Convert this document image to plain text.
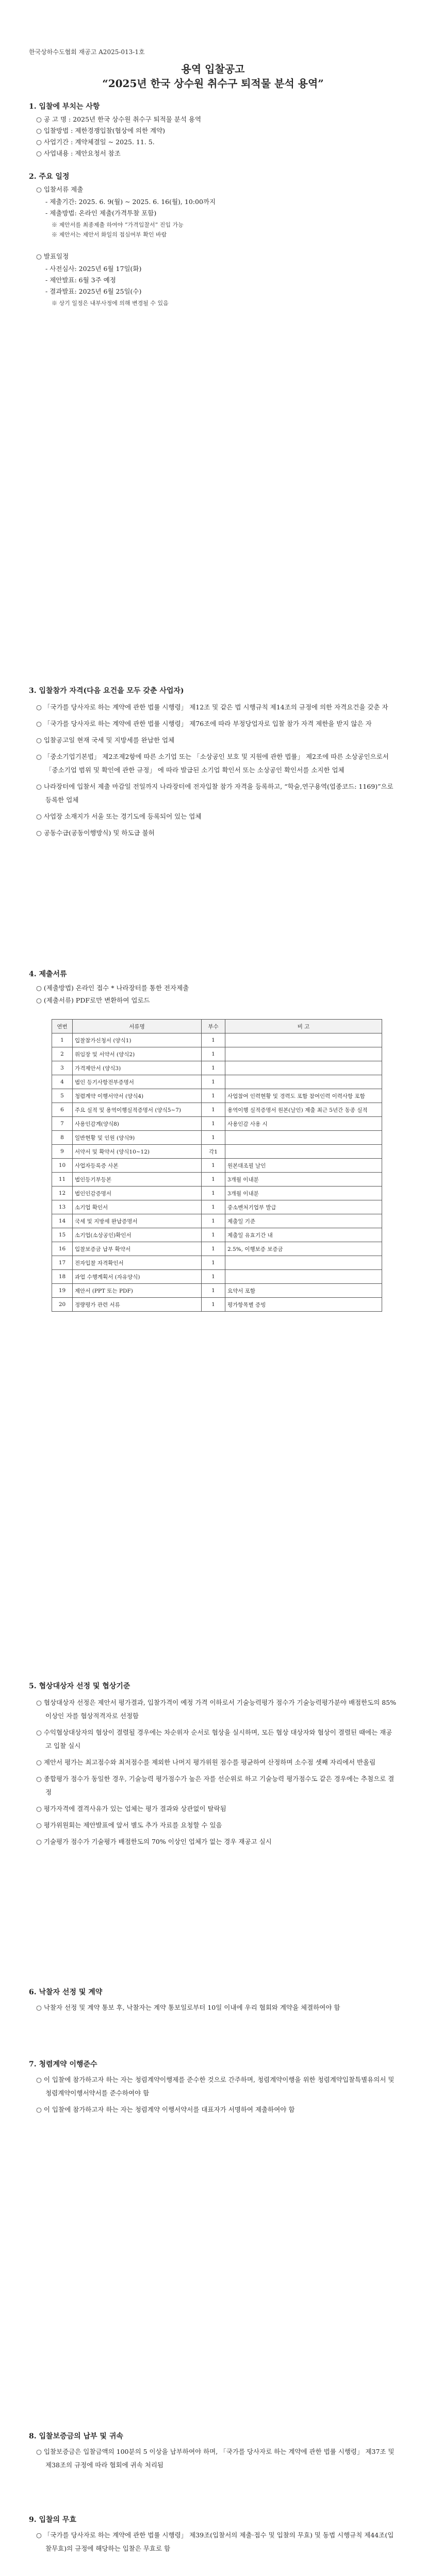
한국상하수도협회 재공고 A2025-013-1호
용역 입찰공고
“2025년 한국 상수원 취수구 퇴적물 분석 용역”
1. 입찰에 부치는 사항
○ 공 고 명 : 2025년 한국 상수원 취수구 퇴적물 분석 용역
○ 입찰방법 : 제한경쟁입찰(협상에 의한 계약)
○ 사업기간 : 계약체결일 ~ 2025. 11. 5.
○ 사업내용 : 제안요청서 참조
2. 주요 일정
○ 입찰서류 제출
- 제출기간: 2025. 6. 9(월) ~ 2025. 6. 16(월), 10:00까지
- 제출방법: 온라인 제출(가격투찰 포함)
※ 제안서를 최종제출 하여야 “가격입찰서” 진입 가능
※ 제안서는 제안서 화일의 접심여부 확인 바람
○ 발표일정
- 사전심사: 2025년 6월 17일(화)
- 제안발표: 6월 3주 예정
- 결과발표: 2025년 6월 25일(수)
※ 상기 일정은 내부사정에 의해 변경될 수 있음
3. 입찰참가 자격(다음 요건을 모두 갖춘 사업자)

○ 「국가를 당사자로 하는 계약에 관한 법률 시행령」 제12조 및 같은 법 시행규칙 제14조의 규정에 의한 자격요건을 갖춘 자

○ 「국가를 당사자로 하는 계약에 관한 법률 시행령」 제76조에 따라 부정당업자로 입찰 참가 자격 제한을 받지 않은 자

○ 입찰공고일 현재 국세 및 지방세를 완납한 업체

○ 「중소기업기본법」 제2조제2항에 따른 소기업 또는 「소상공인 보호 및 지원에 관한 법률」 제2조에 따른 소상공인으로서 「중소기업 범위 및 확인에 관한 규정」 에 따라 발급된 소기업 확인서 또는 소상공인 확인서를 소지한 업체

○ 나라장터에 입찰서 제출 마감일 전일까지 나라장터에 전자입찰 참가 자격을 등록하고, “학술,연구용역(업종코드: 1169)”으로 등록한 업체

○ 사업장 소재지가 서울 또는 경기도에 등록되어 있는 업체

○ 공동수급(공동이행방식) 및 하도급 불허

4. 제출서류
○ (제출방법) 온라인 접수 * 나라장터를 통한 전자제출
○ (제출서류) PDF로만 변환하여 업로드
연번	서류명	부수	비 고
1	입찰참가신청서 (양식1)	1	
2	위임장 및 서약서 (양식2)	1	
3	가격제안서 (양식3)	1	
4	법인 등기사항전부증명서	1	
5	청렴계약 이행서약서 (양식4)	1	사업참여 인력현황 및 경력도 포함 참여인력 이력사항 포함
6	주요 실적 및 용역이행실적증명서 (양식5~7)	1	용역이행 실적증명서 원본(날인) 제출 최근 5년간 동종 실적
7	사용인감계(양식8)	1	사용인감 사용 시
8	일반현황 및 인원 (양식9)	1	
9	서약서 및 확약서 (양식10~12)	각1	
10	사업자등록증 사본	1	원본대조필 날인
11	법인등기부등본	1	3개월 이내분
12	법인인감증명서	1	3개월 이내분
13	소기업 확인서	1	중소벤처기업부 발급
14	국세 및 지방세 완납증명서	1	제출일 기준
15	소기업(소상공인)확인서	1	제출일 유효기간 내
16	입찰보증금 납부 확약서	1	2.5%, 이행보증 보증금
17	전자입찰 자격확인서	1	
18	과업 수행계획서 (자유양식)	1	
19	제안서 (PPT 또는 PDF)	1	요약서 포함
20	정량평가 관련 서류	1	평가항목별 증빙
5. 협상대상자 선정 및 협상기준

○ 협상대상자 선정은 제안서 평가결과, 입찰가격이 예정 가격 이하로서 기술능력평가 점수가 기술능력평가분야 배점한도의 85% 이상인 자를 협상적격자로 선정함

○ 수익협상대상자의 협상이 결렬될 경우에는 차순위자 순서로 협상을 실시하며, 모든 협상 대상자와 협상이 결렬된 때에는 재공고 입찰 실시

○ 제안서 평가는 최고점수와 최저점수를 제외한 나머지 평가위원 점수를 평균하여 산정하며 소수점 셋째 자리에서 반올림

○ 종합평가 점수가 동일한 경우, 기술능력 평가점수가 높은 자를 선순위로 하고 기술능력 평가점수도 같은 경우에는 추첨으로 결정

○ 평가자격에 결격사유가 있는 업체는 평가 결과와 상관없이 탈락됨

○ 평가위원회는 제안발표에 앞서 별도 추가 자료를 요청할 수 있음

○ 기술평가 점수가 기술평가 배점한도의 70% 이상인 업체가 없는 경우 재공고 실시

6. 낙찰자 선정 및 계약

○ 낙찰자 선정 및 계약 통보 후, 낙찰자는 계약 통보일로부터 10일 이내에 우리 협회와 계약을 체결하여야 함

7. 청렴계약 이행준수

○ 이 입찰에 참가하고자 하는 자는 청렴계약이행제를 준수한 것으로 간주하며, 청렴계약이행을 위한 청렴계약입찰특별유의서 및 청렴계약이행서약서를 준수하여야 함

○ 이 입찰에 참가하고자 하는 자는 청렴계약 이행서약서를 대표자가 서명하여 제출하여야 함

8. 입찰보증금의 납부 및 귀속

○ 입찰보증금은 입찰금액의 100분의 5 이상을 납부하여야 하며, 「국가를 당사자로 하는 계약에 관한 법률 시행령」 제37조 및 제38조의 규정에 따라 협회에 귀속 처리됨

9. 입찰의 무효

○ 「국가를 당사자로 하는 계약에 관한 법률 시행령」 제39조(입찰서의 제출·접수 및 입찰의 무효) 및 동법 시행규칙 제44조(입찰무효)의 규정에 해당하는 입찰은 무효로 함
